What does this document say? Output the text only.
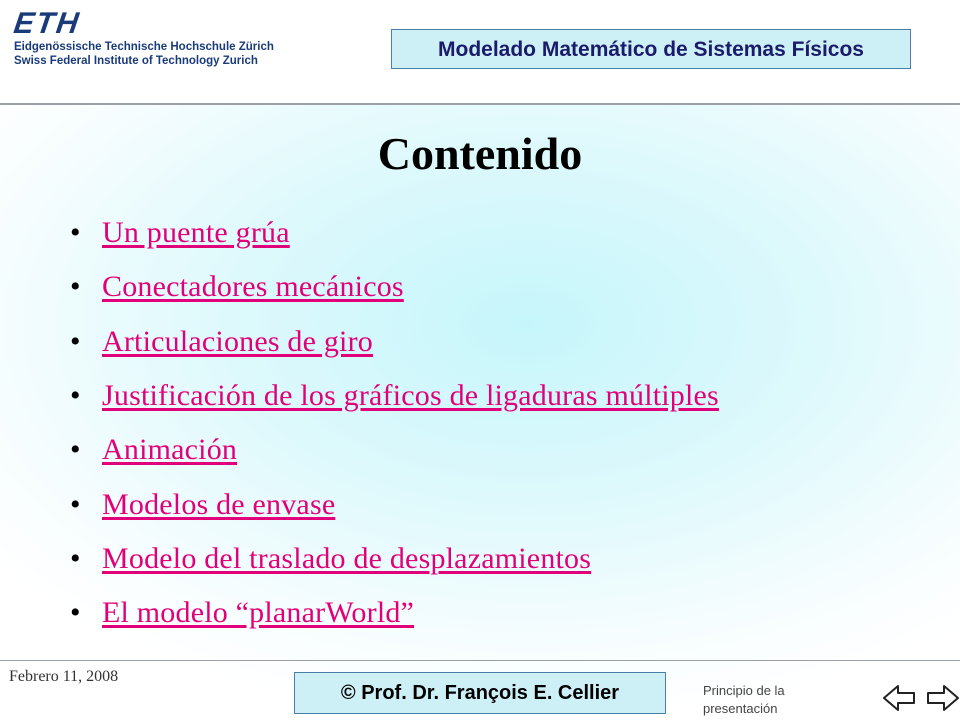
ETH
Eidgenössische Technische Hochschule Zürich
Swiss Federal Institute of Technology Zurich	Modelado Matemático de Sistemas Físicos
Contenido
• Un puente grúa
• Conectadores mecánicos
• Articulaciones de giro
• Justificación de los gráficos de ligaduras múltiples
• Animación
• Modelos de envase
• Modelo del traslado de desplazamientos
• El modelo “planarWorld”
Febrero 11, 2008
© Prof. Dr. François E. Cellier	Principio de la presentación
